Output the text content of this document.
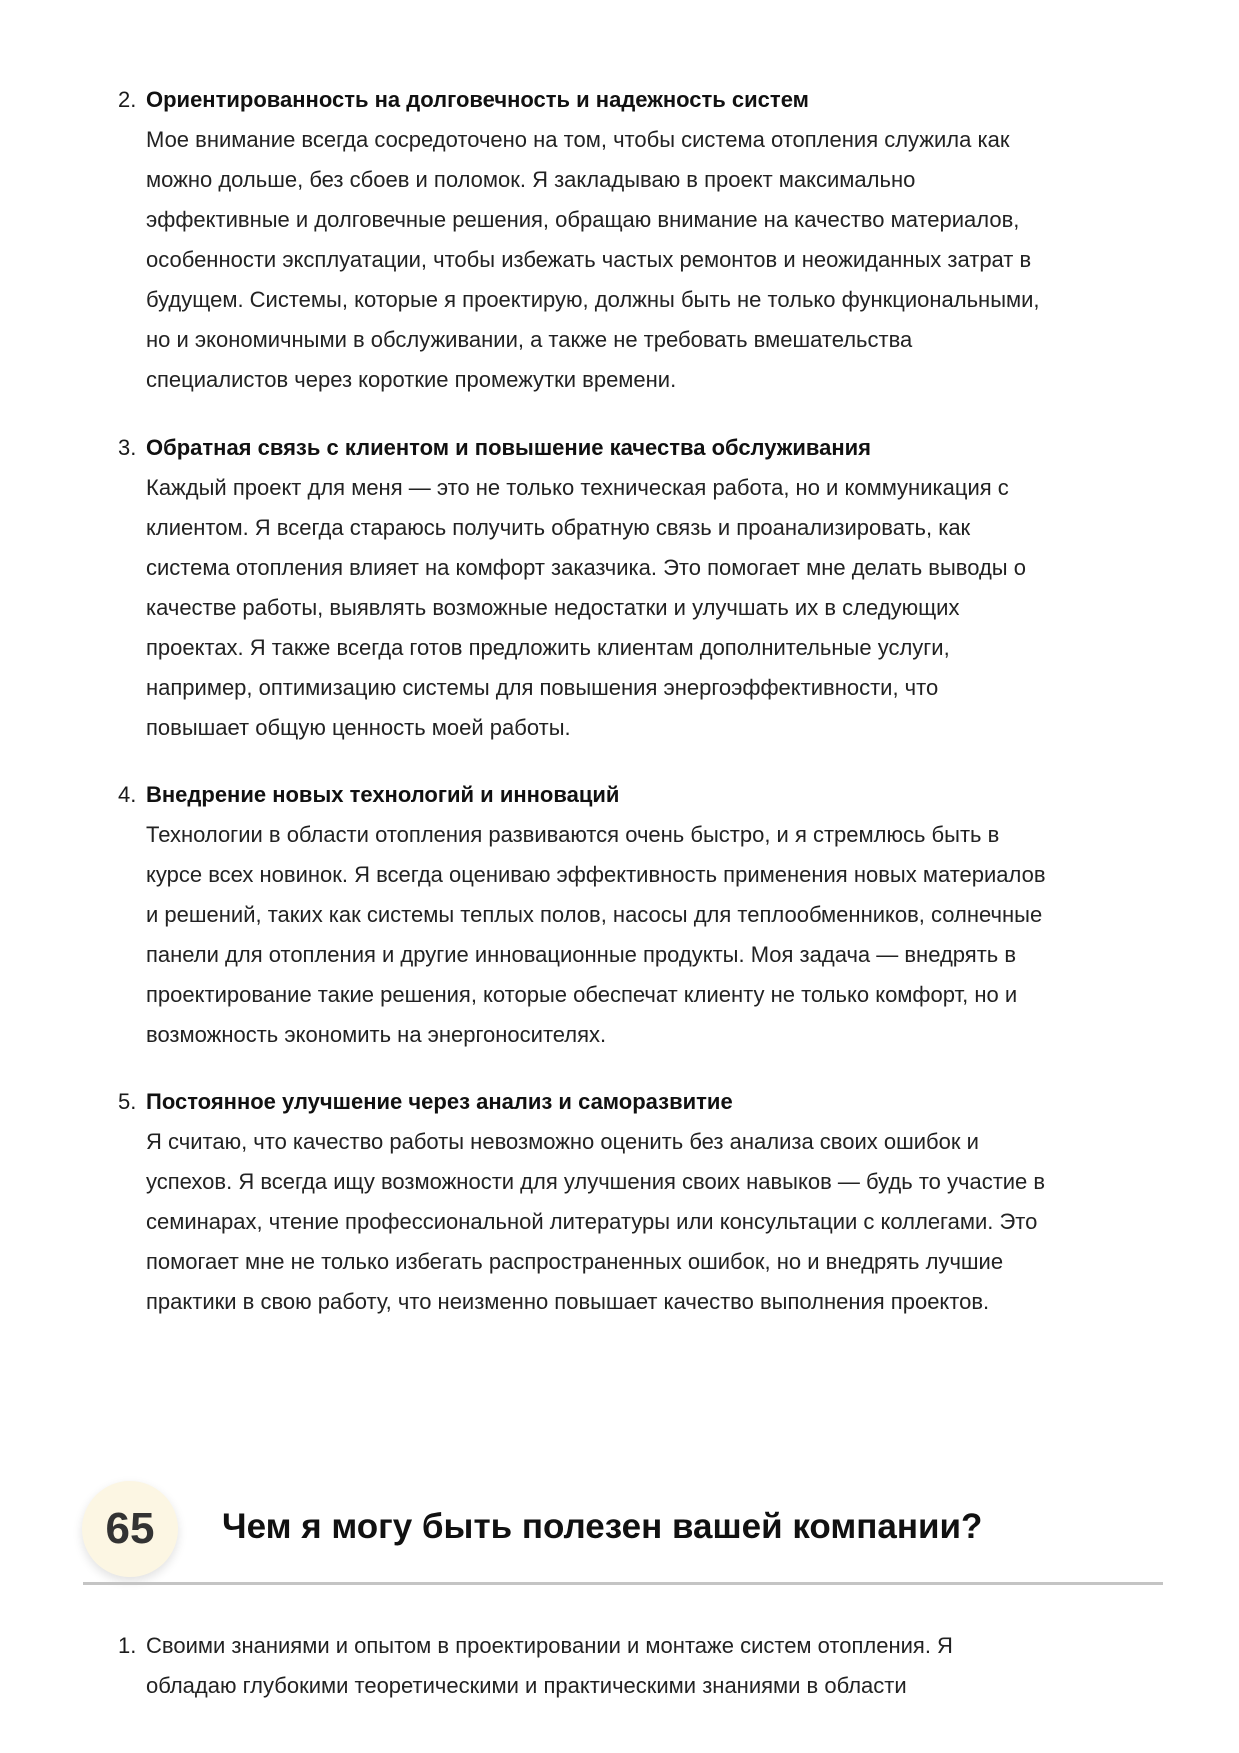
2. Ориентированность на долговечность и надежность систем
Мое внимание всегда сосредоточено на том, чтобы система отопления служила как
можно дольше, без сбоев и поломок. Я закладываю в проект максимально
эффективные и долговечные решения, обращаю внимание на качество материалов,
особенности эксплуатации, чтобы избежать частых ремонтов и неожиданных затрат в
будущем. Системы, которые я проектирую, должны быть не только функциональными,
но и экономичными в обслуживании, а также не требовать вмешательства
специалистов через короткие промежутки времени.
3. Обратная связь с клиентом и повышение качества обслуживания
Каждый проект для меня — это не только техническая работа, но и коммуникация с
клиентом. Я всегда стараюсь получить обратную связь и проанализировать, как
система отопления влияет на комфорт заказчика. Это помогает мне делать выводы о
качестве работы, выявлять возможные недостатки и улучшать их в следующих
проектах. Я также всегда готов предложить клиентам дополнительные услуги,
например, оптимизацию системы для повышения энергоэффективности, что
повышает общую ценность моей работы.
4. Внедрение новых технологий и инноваций
Технологии в области отопления развиваются очень быстро, и я стремлюсь быть в
курсе всех новинок. Я всегда оцениваю эффективность применения новых материалов
и решений, таких как системы теплых полов, насосы для теплообменников, солнечные
панели для отопления и другие инновационные продукты. Моя задача — внедрять в
проектирование такие решения, которые обеспечат клиенту не только комфорт, но и
возможность экономить на энергоносителях.
5. Постоянное улучшение через анализ и саморазвитие
Я считаю, что качество работы невозможно оценить без анализа своих ошибок и
успехов. Я всегда ищу возможности для улучшения своих навыков — будь то участие в
семинарах, чтение профессиональной литературы или консультации с коллегами. Это
помогает мне не только избегать распространенных ошибок, но и внедрять лучшие
практики в свою работу, что неизменно повышает качество выполнения проектов.
65 Чем я могу быть полезен вашей компании?
1. Своими знаниями и опытом в проектировании и монтаже систем отопления. Я
обладаю глубокими теоретическими и практическими знаниями в области
